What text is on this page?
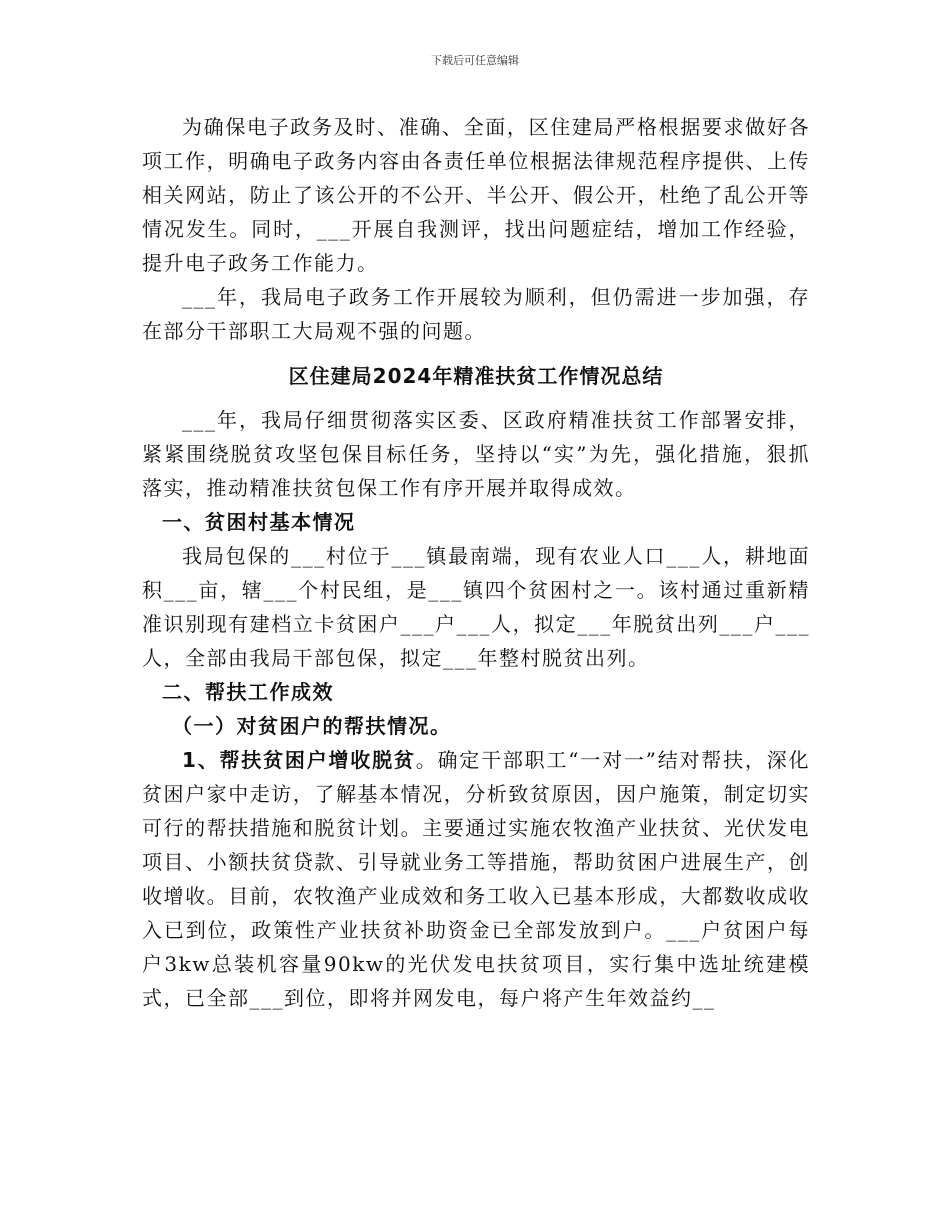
下载后可任意编辑

为确保电子政务及时、准确、全面，区住建局严格根据要求做好各项工作，明确电子政务内容由各责任单位根据法律规范程序提供、上传相关网站，防止了该公开的不公开、半公开、假公开，杜绝了乱公开等情况发生。同时，___开展自我测评，找出问题症结，增加工作经验，提升电子政务工作能力。

___年，我局电子政务工作开展较为顺利，但仍需进一步加强，存在部分干部职工大局观不强的问题。

区住建局2024年精准扶贫工作情况总结

___年，我局仔细贯彻落实区委、区政府精准扶贫工作部署安排，紧紧围绕脱贫攻坚包保目标任务，坚持以“实”为先，强化措施，狠抓落实，推动精准扶贫包保工作有序开展并取得成效。

一、贫困村基本情况

我局包保的___村位于___镇最南端，现有农业人口___人，耕地面积___亩，辖___个村民组，是___镇四个贫困村之一。该村通过重新精准识别现有建档立卡贫困户___户___人，拟定___年脱贫出列___户___人，全部由我局干部包保，拟定___年整村脱贫出列。

二、帮扶工作成效
（一）对贫困户的帮扶情况。

1、帮扶贫困户增收脱贫。确定干部职工“一对一”结对帮扶，深化贫困户家中走访，了解基本情况，分析致贫原因，因户施策，制定切实可行的帮扶措施和脱贫计划。主要通过实施农牧渔产业扶贫、光伏发电项目、小额扶贫贷款、引导就业务工等措施，帮助贫困户进展生产，创收增收。目前，农牧渔产业成效和务工收入已基本形成，大都数收成收入已到位，政策性产业扶贫补助资金已全部发放到户。___户贫困户每户3kw总装机容量90kw的光伏发电扶贫项目，实行集中选址统建模式，已全部___到位，即将并网发电，每户将产生年效益约__
